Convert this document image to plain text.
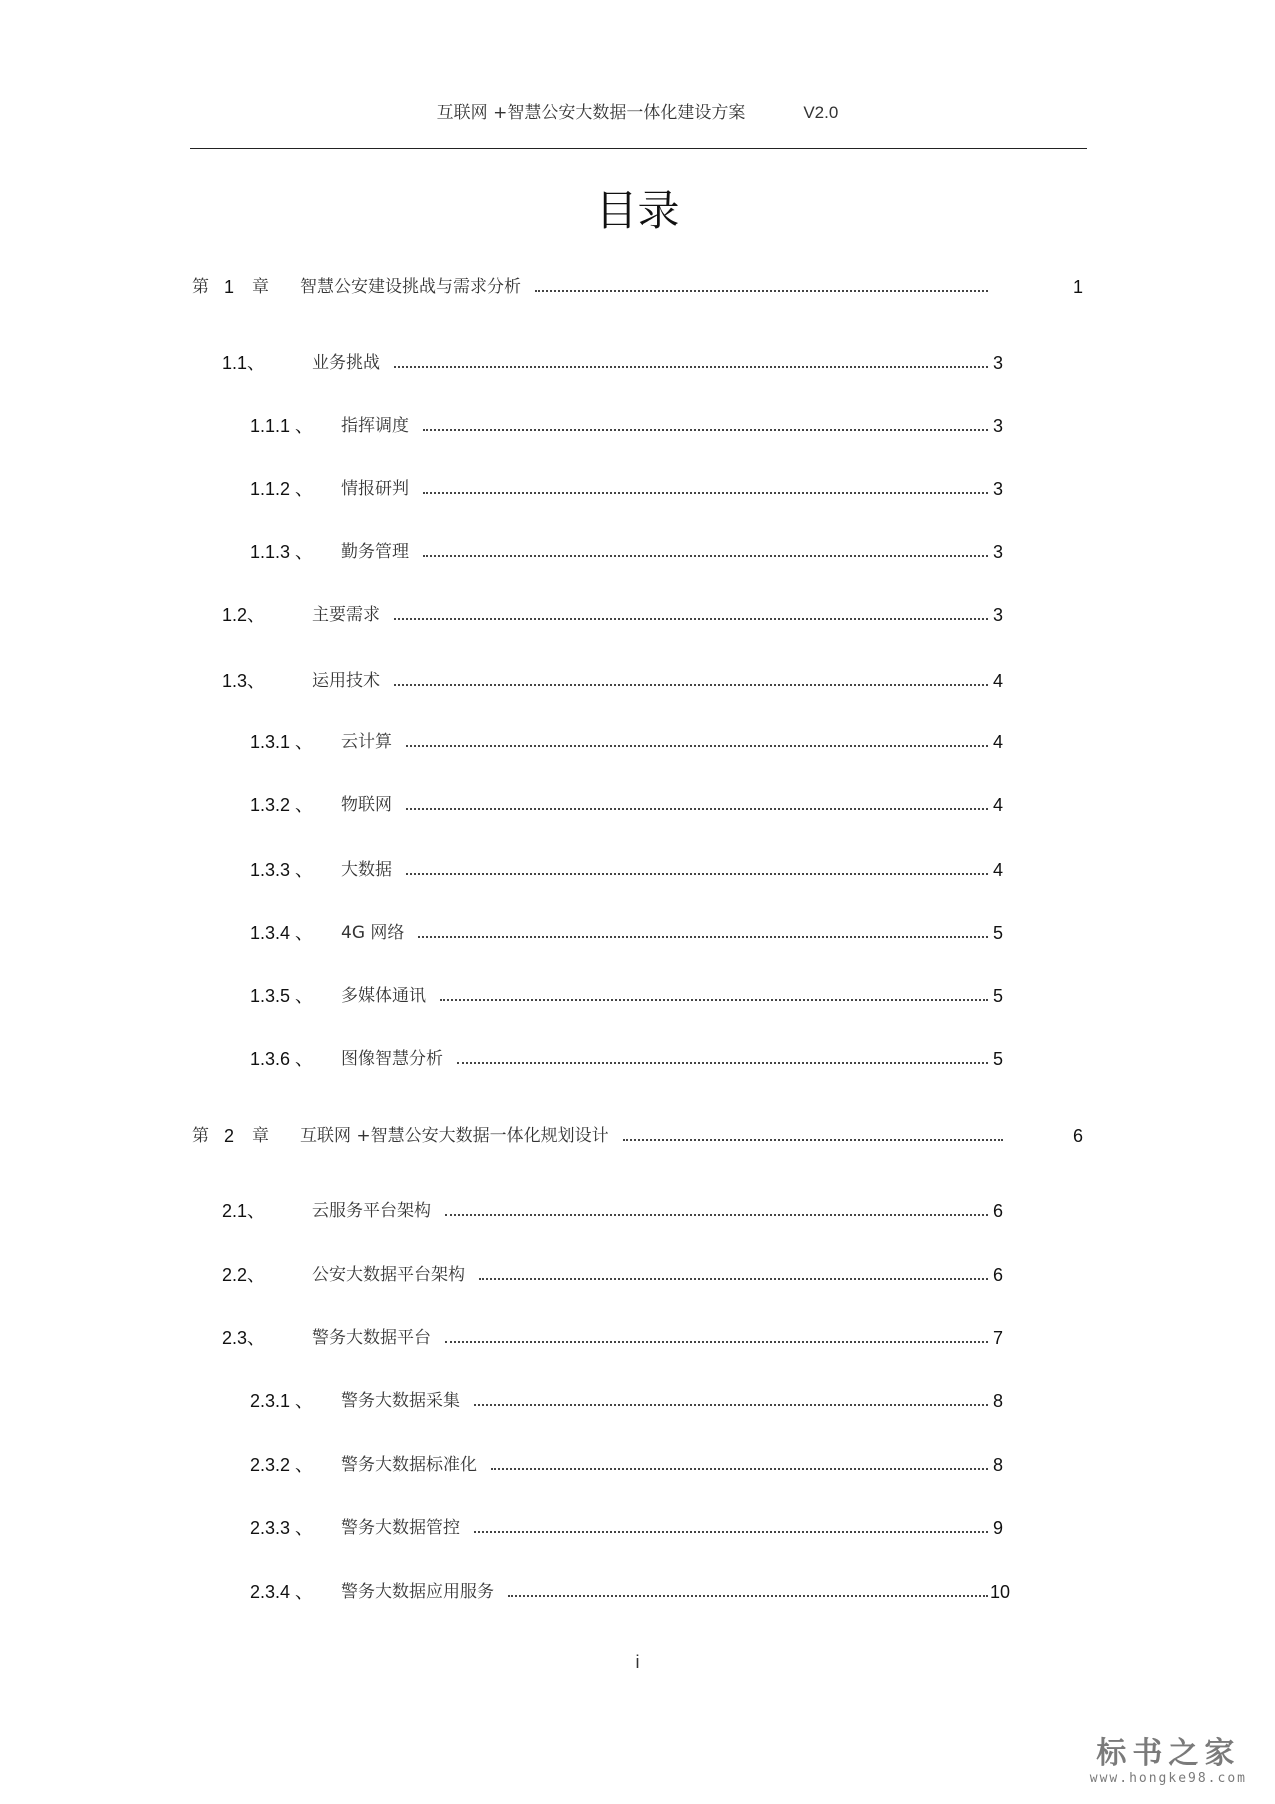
互联网 +智慧公安大数据一体化建设方案	V2.0
目录
第 1 章 智慧公安建设挑战与需求分析	1
1.1、	业务挑战	3
1.1.1 、 指挥调度	3
1.1.2 、 情报研判	3
1.1.3 、 勤务管理	3
1.2、	主要需求	3
1.3、	运用技术	4
1.3.1 、 云计算	4
1.3.2 、 物联网	4
1.3.3 、 大数据	4
1.3.4 、 4G 网络	5
1.3.5 、 多媒体通讯	5
1.3.6 、 图像智慧分析	5
第 2 章 互联网 +智慧公安大数据一体化规划设计	6
2.1、	云服务平台架构	6
2.2、	公安大数据平台架构	6
2.3、	警务大数据平台	7
2.3.1 、 警务大数据采集	8
2.3.2 、 警务大数据标准化	8
2.3.3 、 警务大数据管控	9
2.3.4 、 警务大数据应用服务	10
i
标书之家
www.hongke98.com
